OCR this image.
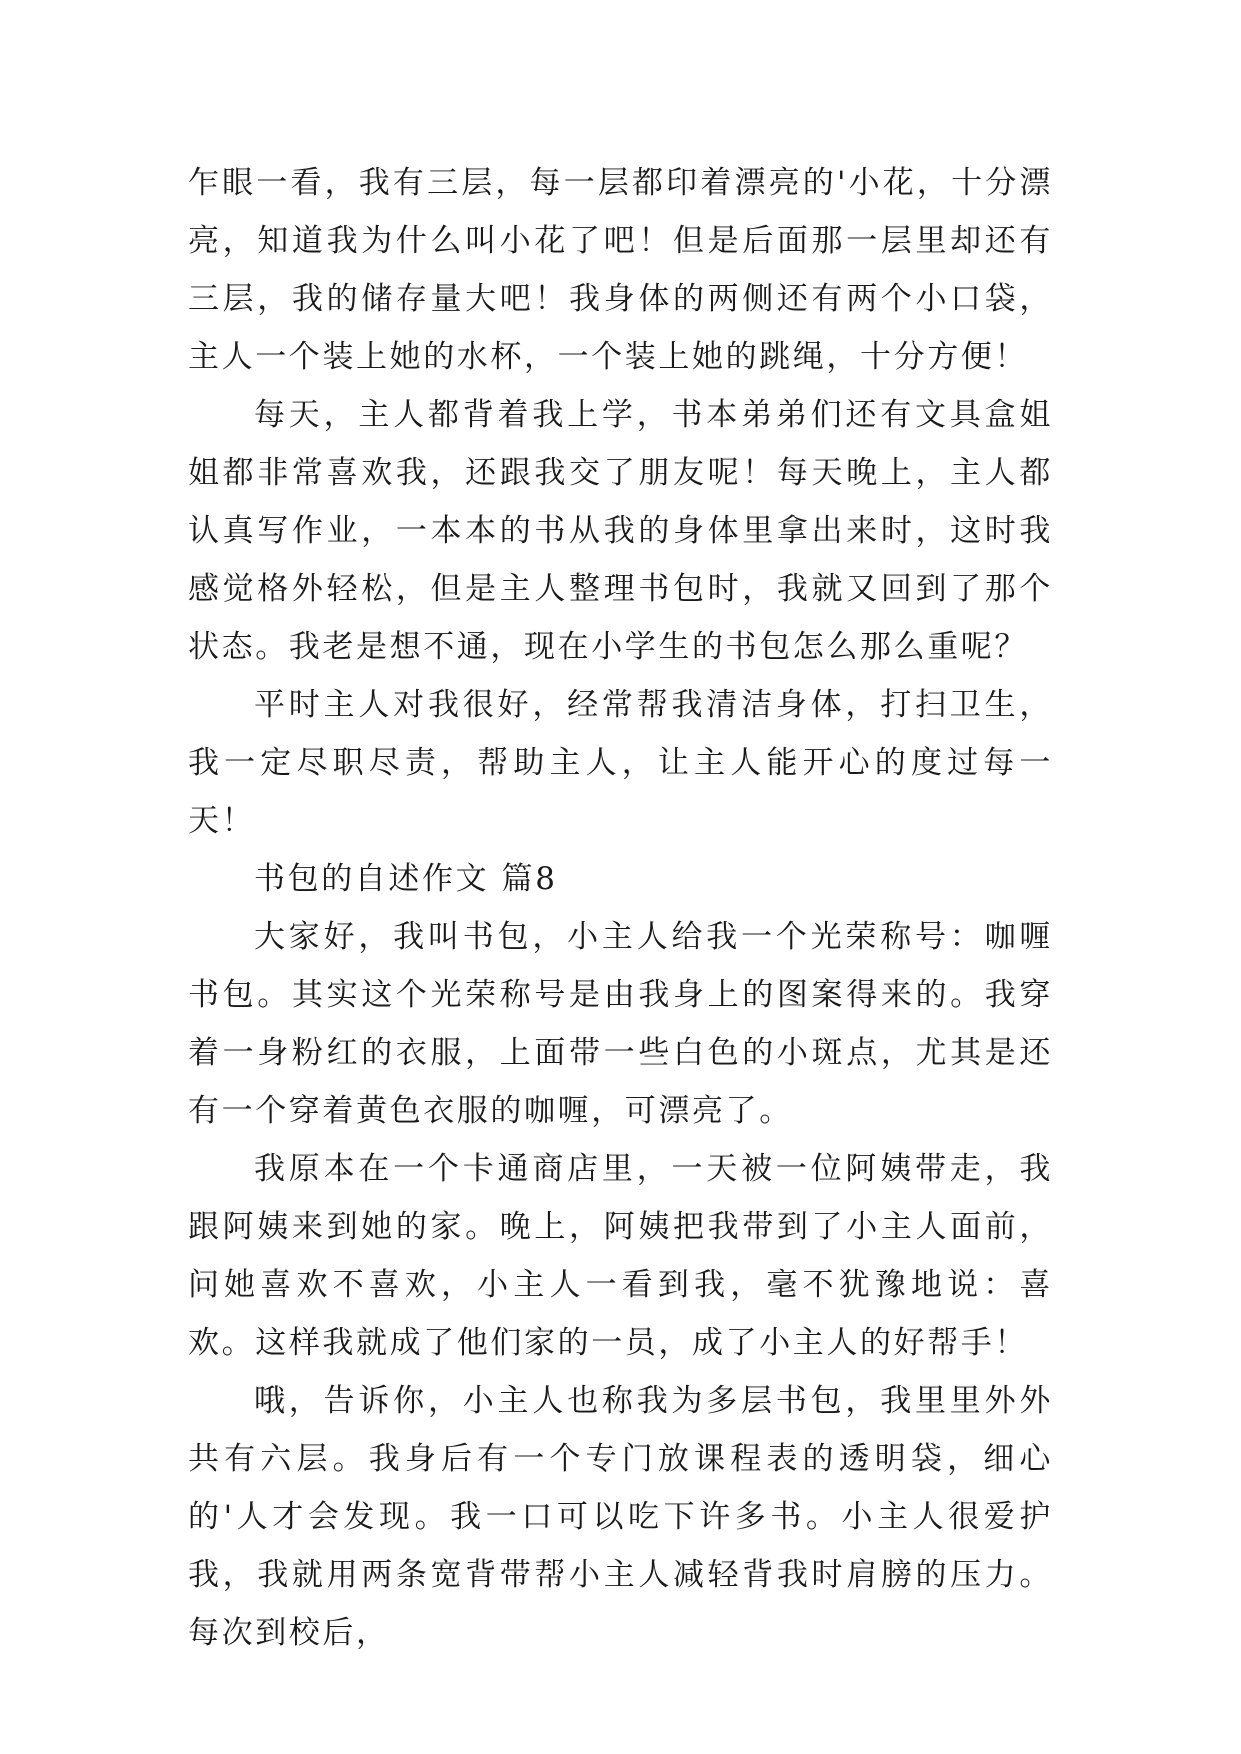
乍眼一看，我有三层，每一层都印着漂亮的'小花，十分漂亮，知道我为什么叫小花了吧！但是后面那一层里却还有三层，我的储存量大吧！我身体的两侧还有两个小口袋，主人一个装上她的水杯，一个装上她的跳绳，十分方便！

每天，主人都背着我上学，书本弟弟们还有文具盒姐姐都非常喜欢我，还跟我交了朋友呢！每天晚上，主人都认真写作业，一本本的书从我的身体里拿出来时，这时我感觉格外轻松，但是主人整理书包时，我就又回到了那个状态。我老是想不通，现在小学生的书包怎么那么重呢？

平时主人对我很好，经常帮我清洁身体，打扫卫生，我一定尽职尽责，帮助主人，让主人能开心的度过每一天！

书包的自述作文 篇8

大家好，我叫书包，小主人给我一个光荣称号：咖喱书包。其实这个光荣称号是由我身上的图案得来的。我穿着一身粉红的衣服，上面带一些白色的小斑点，尤其是还有一个穿着黄色衣服的咖喱，可漂亮了。

我原本在一个卡通商店里，一天被一位阿姨带走，我跟阿姨来到她的家。晚上，阿姨把我带到了小主人面前，问她喜欢不喜欢，小主人一看到我，毫不犹豫地说：喜欢。这样我就成了他们家的一员，成了小主人的好帮手！

哦，告诉你，小主人也称我为多层书包，我里里外外共有六层。我身后有一个专门放课程表的透明袋，细心的'人才会发现。我一口可以吃下许多书。小主人很爱护我，我就用两条宽背带帮小主人减轻背我时肩膀的压力。每次到校后，
